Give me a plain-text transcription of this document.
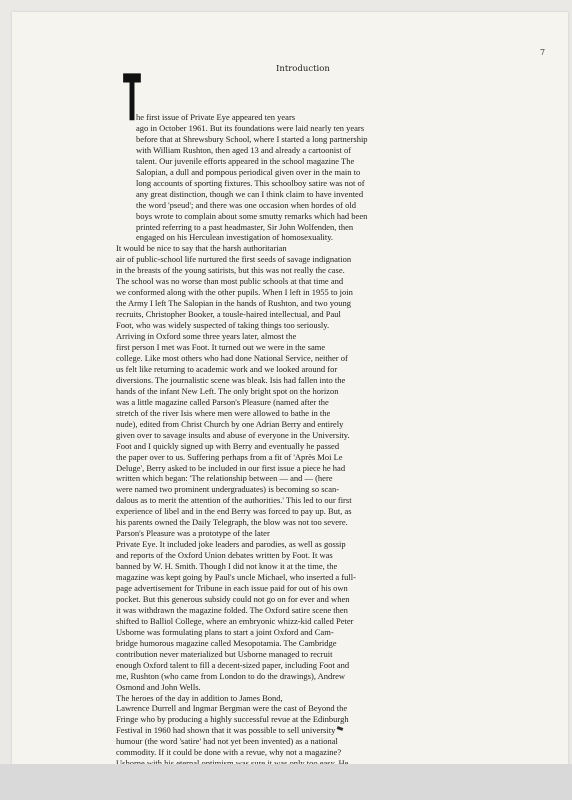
7

Introduction

T

he first issue of Private Eye appeared ten years
ago in October 1961. But its foundations were laid nearly ten years
before that at Shrewsbury School, where I started a long partnership
with William Rushton, then aged 13 and already a cartoonist of
talent. Our juvenile efforts appeared in the school magazine The
Salopian, a dull and pompous periodical given over in the main to
long accounts of sporting fixtures. This schoolboy satire was not of
any great distinction, though we can I think claim to have invented
the word 'pseud'; and there was one occasion when hordes of old
boys wrote to complain about some smutty remarks which had been
printed referring to a past headmaster, Sir John Wolfenden, then
engaged on his Herculean investigation of homosexuality.

It would be nice to say that the harsh authoritarian
air of public-school life nurtured the first seeds of savage indignation
in the breasts of the young satirists, but this was not really the case.
The school was no worse than most public schools at that time and
we conformed along with the other pupils. When I left in 1955 to join
the Army I left The Salopian in the hands of Rushton, and two young
recruits, Christopher Booker, a tousle-haired intellectual, and Paul
Foot, who was widely suspected of taking things too seriously.

Arriving in Oxford some three years later, almost the
first person I met was Foot. It turned out we were in the same
college. Like most others who had done National Service, neither of
us felt like returning to academic work and we looked around for
diversions. The journalistic scene was bleak. Isis had fallen into the
hands of the infant New Left. The only bright spot on the horizon
was a little magazine called Parson's Pleasure (named after the
stretch of the river Isis where men were allowed to bathe in the
nude), edited from Christ Church by one Adrian Berry and entirely
given over to savage insults and abuse of everyone in the University.
Foot and I quickly signed up with Berry and eventually he passed
the paper over to us. Suffering perhaps from a fit of 'Après Moi Le
Deluge', Berry asked to be included in our first issue a piece he had
written which began: 'The relationship between — and — (here
were named two prominent undergraduates) is becoming so scan-
dalous as to merit the attention of the authorities.' This led to our first
experience of libel and in the end Berry was forced to pay up. But, as
his parents owned the Daily Telegraph, the blow was not too severe.

Parson's Pleasure was a prototype of the later
Private Eye. It included joke leaders and parodies, as well as gossip
and reports of the Oxford Union debates written by Foot. It was
banned by W. H. Smith. Though I did not know it at the time, the
magazine was kept going by Paul's uncle Michael, who inserted a full-
page advertisement for Tribune in each issue paid for out of his own
pocket. But this generous subsidy could not go on for ever and when
it was withdrawn the magazine folded. The Oxford satire scene then
shifted to Balliol College, where an embryonic whizz-kid called Peter
Usborne was formulating plans to start a joint Oxford and Cam-
bridge humorous magazine called Mesopotamia. The Cambridge
contribution never materialized but Usborne managed to recruit
enough Oxford talent to fill a decent-sized paper, including Foot and
me, Rushton (who came from London to do the drawings), Andrew
Osmond and John Wells.

The heroes of the day in addition to James Bond,
Lawrence Durrell and Ingmar Bergman were the cast of Beyond the
Fringe who by producing a highly successful revue at the Edinburgh
Festival in 1960 had shown that it was possible to sell university
humour (the word 'satire' had not yet been invented) as a national
commodity. If it could be done with a revue, why not a magazine?
